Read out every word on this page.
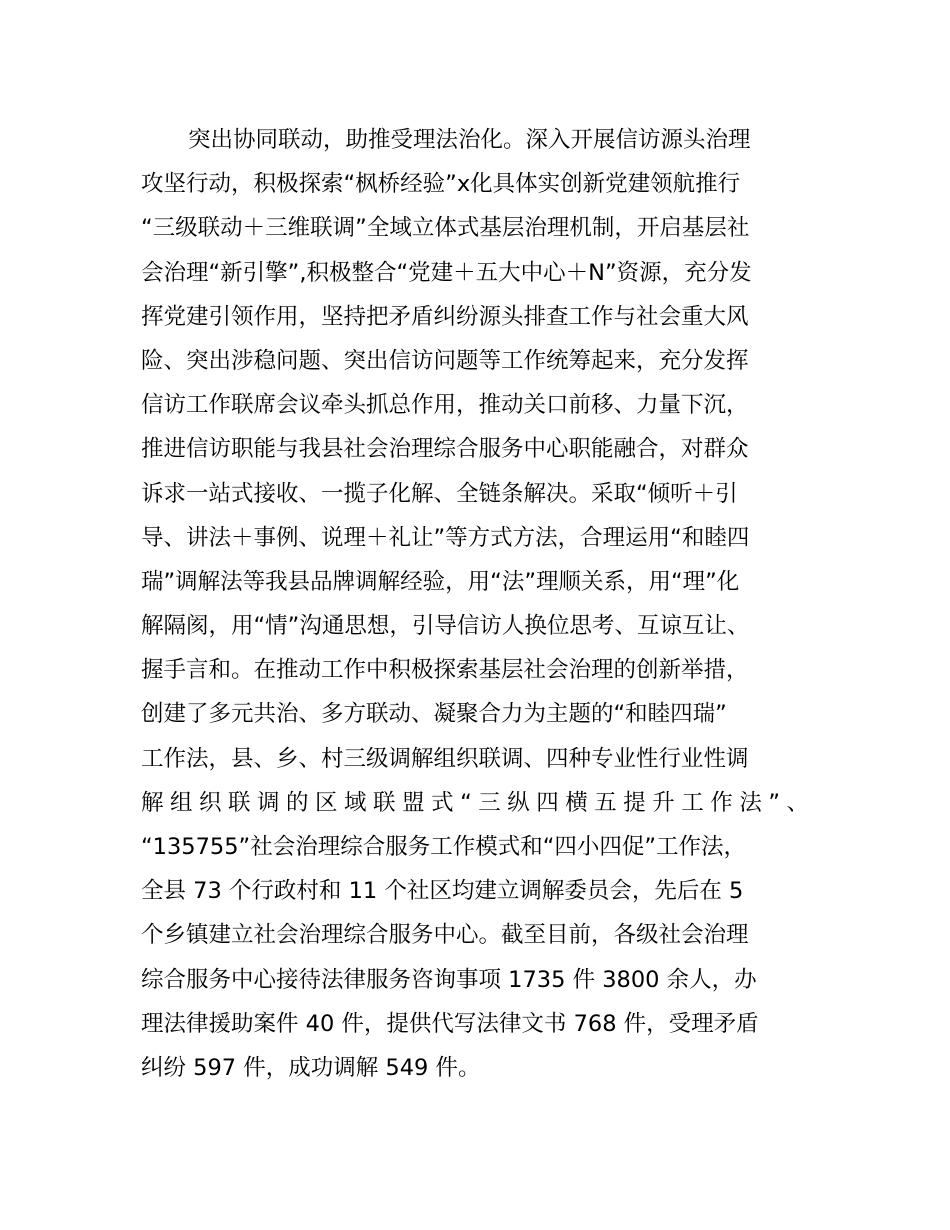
突出协同联动，助推受理法治化。深入开展信访源头治理
攻坚行动，积极探索“枫桥经验”x化具体实创新党建领航推行
“三级联动＋三维联调”全域立体式基层治理机制，开启基层社
会治理“新引擎”,积极整合“党建＋五大中心＋N”资源，充分发
挥党建引领作用，坚持把矛盾纠纷源头排查工作与社会重大风
险、突出涉稳问题、突出信访问题等工作统筹起来，充分发挥
信访工作联席会议牵头抓总作用，推动关口前移、力量下沉，
推进信访职能与我县社会治理综合服务中心职能融合，对群众
诉求一站式接收、一揽子化解、全链条解决。采取“倾听＋引
导、讲法＋事例、说理＋礼让”等方式方法，合理运用“和睦四
瑞”调解法等我县品牌调解经验，用“法”理顺关系，用“理”化
解隔阂，用“情”沟通思想，引导信访人换位思考、互谅互让、
握手言和。在推动工作中积极探索基层社会治理的创新举措，
创建了多元共治、多方联动、凝聚合力为主题的“和睦四瑞”
工作法，县、乡、村三级调解组织联调、四种专业性行业性调
解组织联调的区域联盟式“三纵四横五提升工作法”、
“135755”社会治理综合服务工作模式和“四小四促”工作法，
全县 73 个行政村和 11 个社区均建立调解委员会，先后在 5
个乡镇建立社会治理综合服务中心。截至目前，各级社会治理
综合服务中心接待法律服务咨询事项 1735 件 3800 余人，办
理法律援助案件 40 件，提供代写法律文书 768 件，受理矛盾
纠纷 597 件，成功调解 549 件。
